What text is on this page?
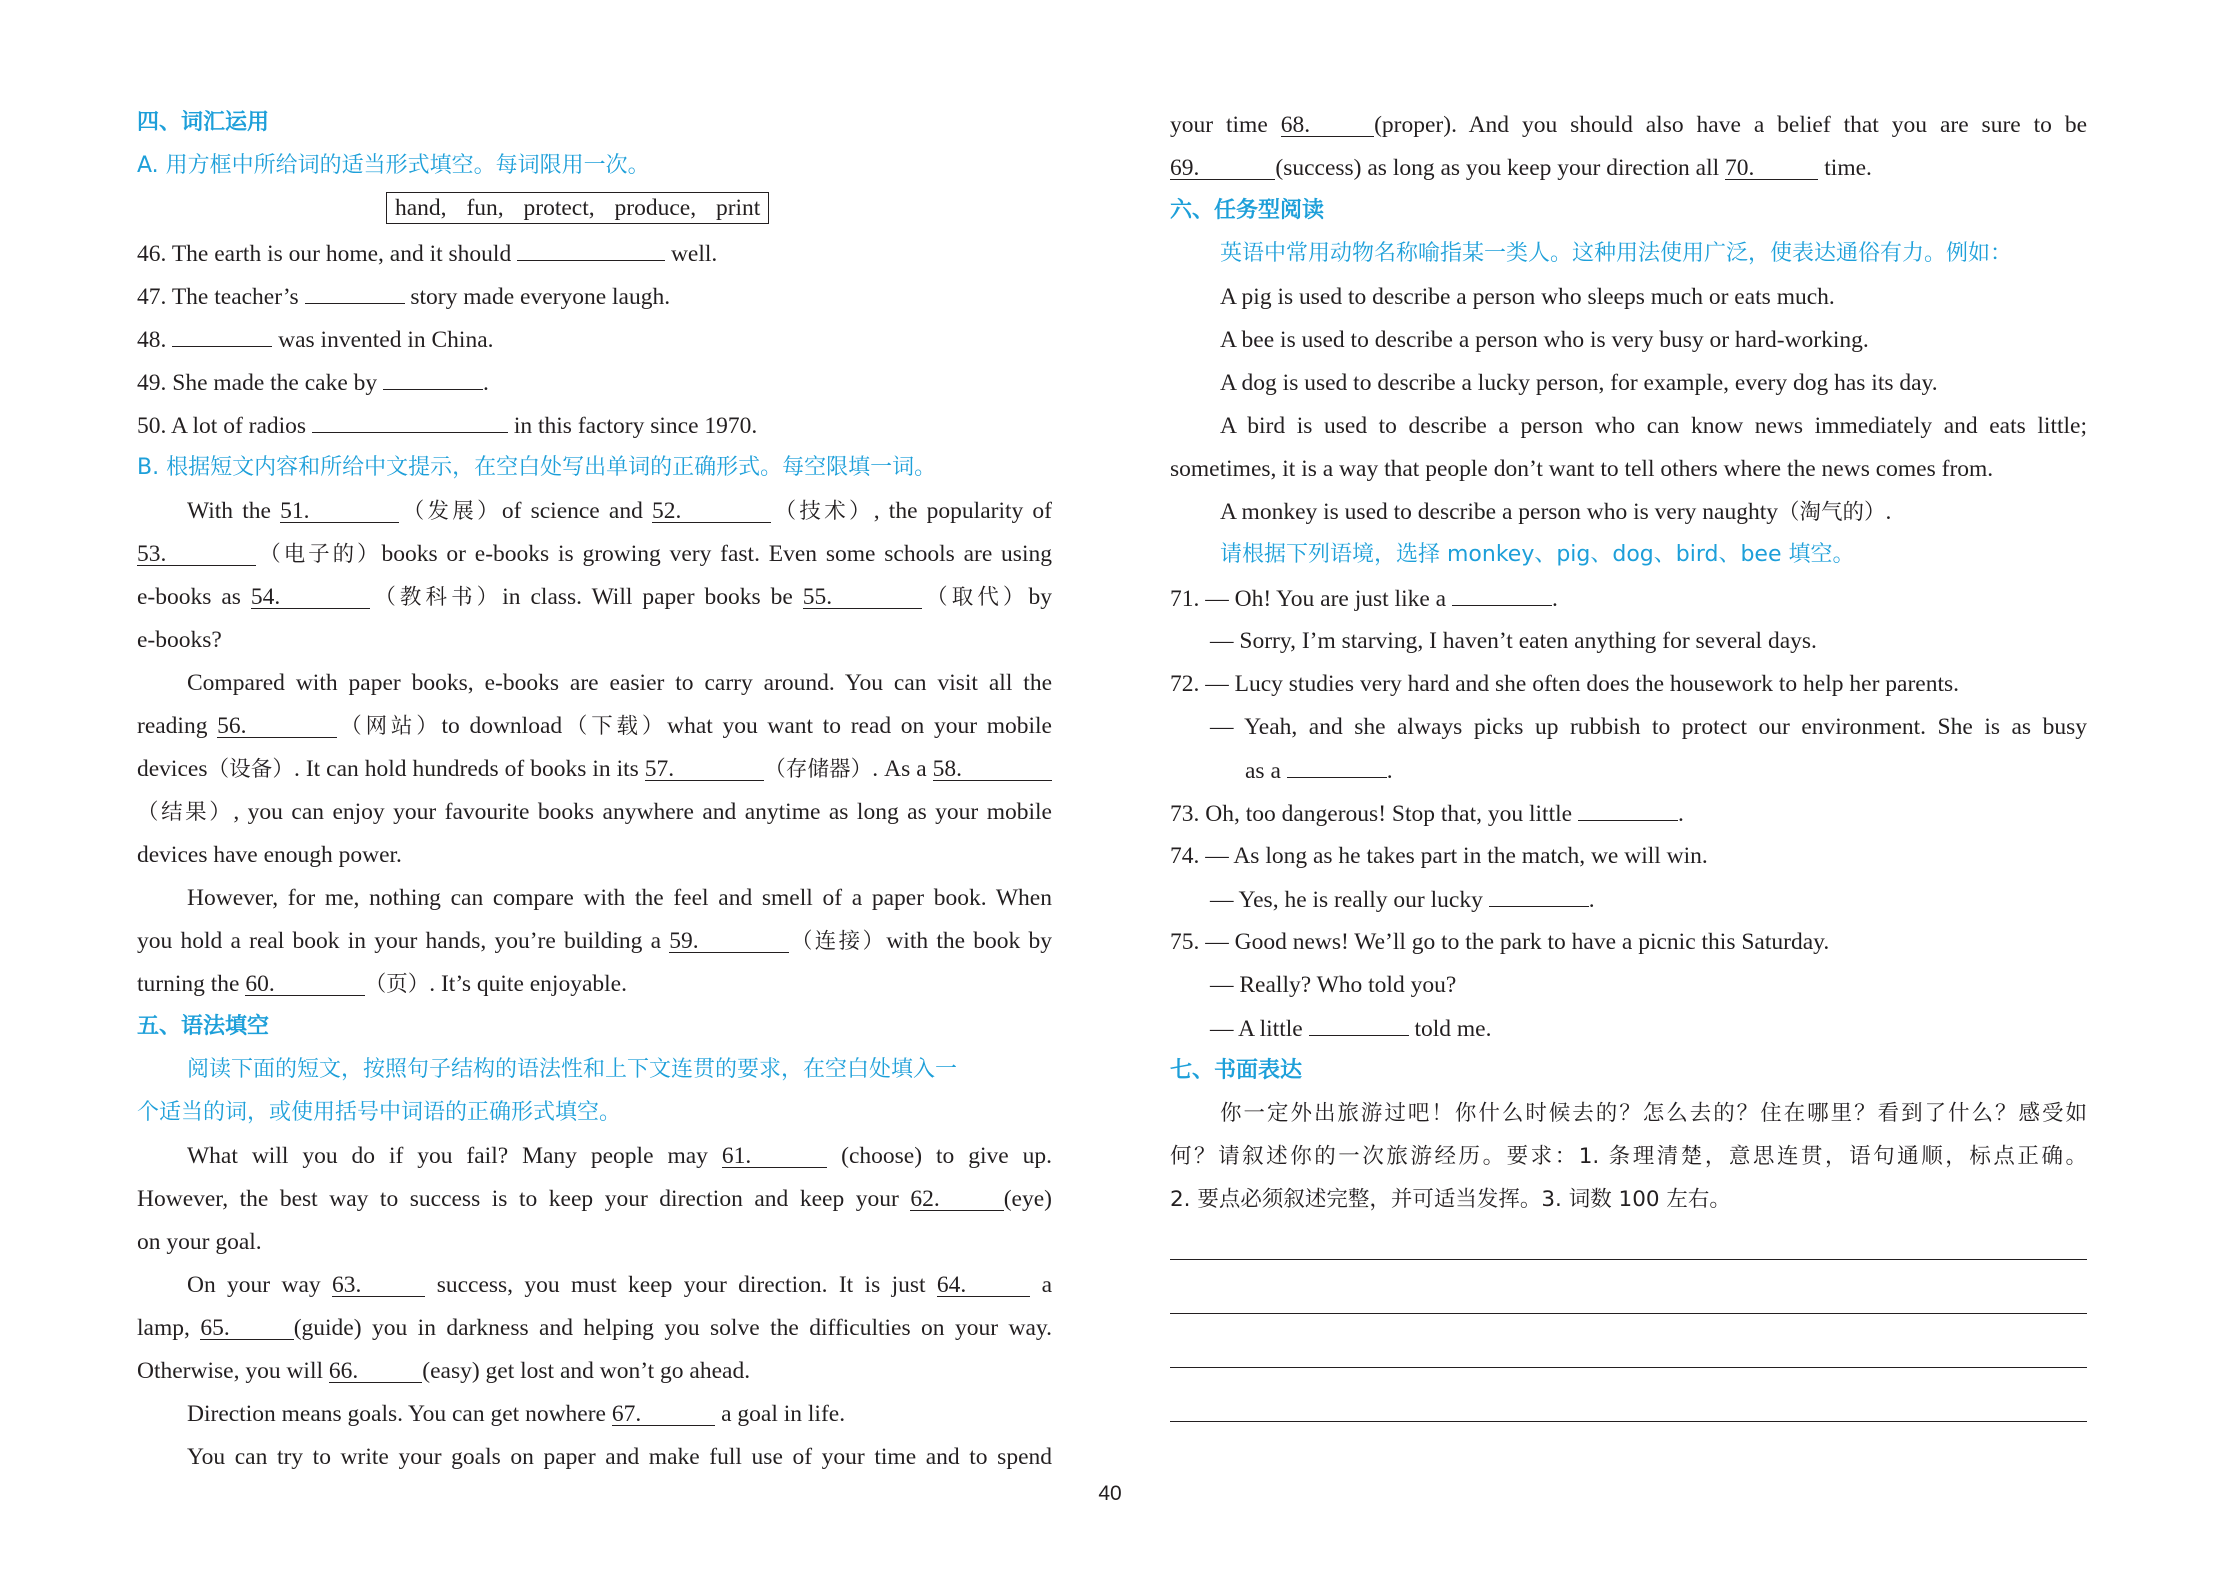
四、词汇运用
A. 用方框中所给词的适当形式填空。每词限用一次。
hand, fun, protect, produce, print
46. The earth is our home, and it should	well.
47. The teacher’s	story made everyone laugh.
48.	was invented in China.
49. She made the cake by	.
50. A lot of radios	in this factory since 1970.
B. 根据短文内容和所给中文提示，在空白处写出单词的正确形式。每空限填一词。
With the 51.	（发展）of science and 52.	（技术）, the popularity of
53.	（电子的）books or e-books is growing very fast. Even some schools are using
e-books as 54.	（教科书）in class. Will paper books be 55.	（取代）by
e-books?
Compared with paper books, e-books are easier to carry around. You can visit all the
reading 56.	（网站）to download（下载）what you want to read on your mobile
devices（设备）. It can hold hundreds of books in its 57.	（存储器）. As a 58.
（结果）, you can enjoy your favourite books anywhere and anytime as long as your mobile
devices have enough power.
However, for me, nothing can compare with the feel and smell of a paper book. When
you hold a real book in your hands, you’re building a 59.	（连接）with the book by
turning the 60.	（页）. It’s quite enjoyable.
五、语法填空
阅读下面的短文，按照句子结构的语法性和上下文连贯的要求，在空白处填入一
个适当的词，或使用括号中词语的正确形式填空。
What will you do if you fail? Many people may 61.	(choose) to give up.
However, the best way to success is to keep your direction and keep your 62.	(eye)
on your goal.
On your way 63.	success, you must keep your direction. It is just 64.	a
lamp, 65.	(guide) you in darkness and helping you solve the difficulties on your way.
Otherwise, you will 66.	(easy) get lost and won’t go ahead.
Direction means goals. You can get nowhere 67.	a goal in life.
You can try to write your goals on paper and make full use of your time and to spend
40
your time 68.	(proper). And you should also have a belief that you are sure to be
69.	(success) as long as you keep your direction all 70.	time.
六、任务型阅读
英语中常用动物名称喻指某一类人。这种用法使用广泛，使表达通俗有力。例如：
A pig is used to describe a person who sleeps much or eats much.
A bee is used to describe a person who is very busy or hard-working.
A dog is used to describe a lucky person, for example, every dog has its day.
A bird is used to describe a person who can know news immediately and eats little;
sometimes, it is a way that people don’t want to tell others where the news comes from.
A monkey is used to describe a person who is very naughty（淘气的）.
请根据下列语境，选择 monkey、pig、dog、bird、bee 填空。
71. — Oh! You are just like a	.
— Sorry, I’m starving, I haven’t eaten anything for several days.
72. — Lucy studies very hard and she often does the housework to help her parents.
— Yeah, and she always picks up rubbish to protect our environment. She is as busy
as a	.
73. Oh, too dangerous! Stop that, you little	.
74. — As long as he takes part in the match, we will win.
— Yes, he is really our lucky	.
75. — Good news! We’ll go to the park to have a picnic this Saturday.
— Really? Who told you?
— A little	told me.
七、书面表达
你一定外出旅游过吧！你什么时候去的？怎么去的？住在哪里？看到了什么？感受如
何？请叙述你的一次旅游经历。要求：1. 条理清楚，意思连贯，语句通顺，标点正确。
2. 要点必须叙述完整，并可适当发挥。3. 词数 100 左右。
